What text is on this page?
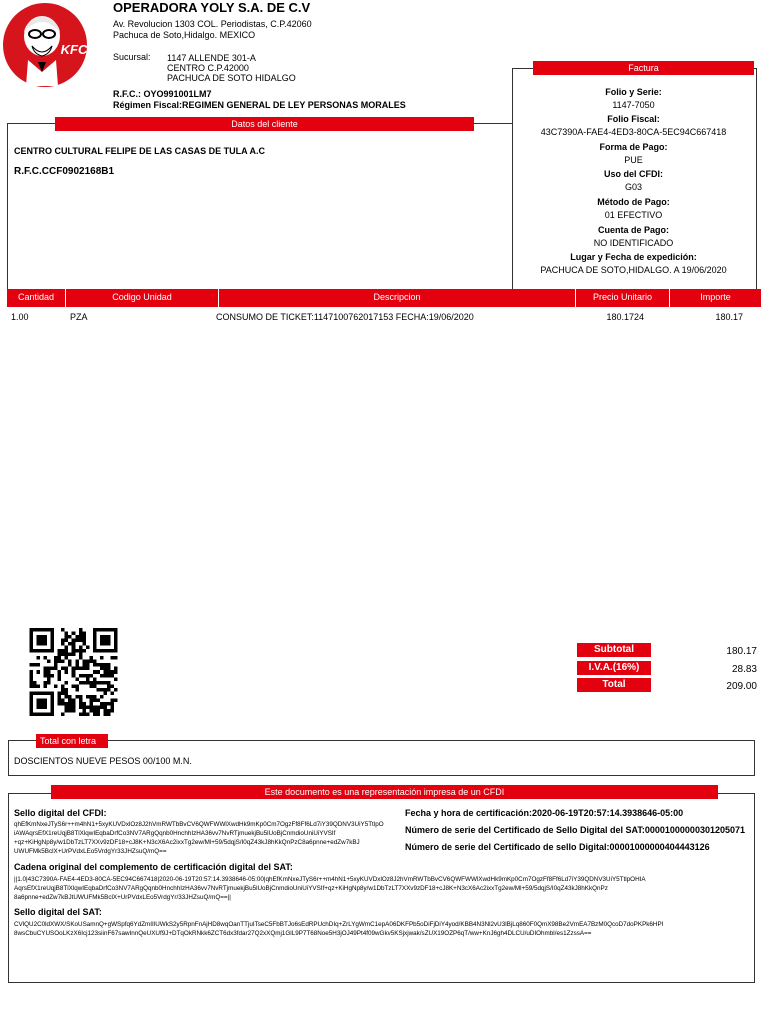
KFC
OPERADORA YOLY S.A. DE C.V
Av. Revolucion 1303 COL. Periodistas, C.P.42060
Pachuca de Soto,Hidalgo. MEXICO
Sucursal: 1147 ALLENDE 301-A
CENTRO C.P.42000
PACHUCA DE SOTO HIDALGO
R.F.C.: OYO991001LM7
Régimen Fiscal:REGIMEN GENERAL DE LEY PERSONAS MORALES
Factura
Folio y Serie:
1147-7050
Folio Fiscal:
43C7390A-FAE4-4ED3-80CA-5EC94C667418
Forma de Pago:
PUE
Uso del CFDI:
G03
Método de Pago:
01 EFECTIVO
Cuenta de Pago:
NO IDENTIFICADO
Lugar y Fecha de expedición:
PACHUCA DE SOTO,HIDALGO. A 19/06/2020
Datos del cliente
CENTRO CULTURAL FELIPE DE LAS CASAS DE TULA A.C
R.F.C.CCF0902168B1
Cantidad	Codigo Unidad	Descripcion	Precio Unitario	Importe
1.00	PZA	CONSUMO DE TICKET:1147100762017153 FECHA:19/06/2020	180.1724	180.17
Subtotal	180.17
I.V.A.(16%)	28.83
Total	209.00
Total con letra
DOSCIENTOS NUEVE PESOS 00/100 M.N.
Este documento es una representación impresa de un CFDI
Sello digital del CFDI:
qhEfKmNxeJTyS6r++m4hN1+5xyKUVDxlOz8J2hVmRWTbBvCV6QWFWWlXwdHk9mKp0Cm7OgzFf8Ff6Ld7iY39QDNV3UiY5TtlpO
iAWAqrsEfX1reUqjB8TlXlqwIEqbaDrfCo3NV7ARgQqnb0HnchhIzHA36vv7NvRTjmuekjBu5lUoBjCnmdioUniUiYVSIf
+qz+KiHgNp8y/w1DbTzLT7XXv9zDF18+cJ8K+N3cX6Ac2ixxTg2ew/Ml+59/5dqjS/I0qZ43kJ8hKkQnPzC8a6pnne+edZw7kBJ
UWUFMk5BclX+UrPVdxLEo5VrdgYr33JHZsuQ/mQ==
Fecha y hora de certificación:2020-06-19T20:57:14.3938646-05:00
Número de serie del Certificado de Sello Digital del SAT:00001000000301205071
Número de serie del Certificado de sello Digital:00001000000404443126
Cadena original del complemento de certificación digital del SAT:
||1.0|43C7390A-FAE4-4ED3-80CA-5EC94C667418|2020-06-19T20:57:14.3938646-05:00|qhEfKmNxeJTyS6r++m4hN1+5xyKUVDxlOz8J2hVmRWTbBvCV6QWFWWlXwdHk9mKp0Cm7OgzFf8Ff6Ld7iY39QDNV3UiY5TtlpOHIA
AqrsEfX1reUqjB8TlXlqwIEqbaDrfCo3NV7ARgQqnb0HnchhIzHA36vv7NvRTjmuekjBu5lUoBjCnmdioUniUiYVSIf+qz+KiHgNp8y/w1DbTzLT7XXv9zDF18+cJ8K+N3cX6Ac2ixxTg2ew/Ml+59/5dqjS/I0qZ43kJ8hKkQnPz
8a6pnne+edZw7kBJtUWUFMk5BclX+UrPVdxLEo5VrdgYr/33JHZsuQ/mQ==||
Sello digital del SAT:
CVlQU2C0ldXWX/SKoUSamnQ+gWSpfq6YdZmIIlUWkS2y5RpnFnAjHD8wqOanTTjuITseC5FbBTJo6sEdRPUchDIq+ZrLYgWmC1epA06DKFPb5oDiFjDiY4yod/KBB4N3Nl2vU3lBjLq860F0QmX98Be2VmEA7BzM0QcoD7doPKPk6HPI
8wsCbuCYUSOoLKzX6Icj123siinF67sawInnQeUXUf9J+DTqOkRNkk6ZCT6dx3fdar27Q2xXQmj1GlL9P7T68Noe5H3jOJ49Pt4f09wGkv5KSjxjwak/sZUX19OZP6qT/ww+KnJ6gh4DLCU/uDIOhmbl/es1ZzssA==
